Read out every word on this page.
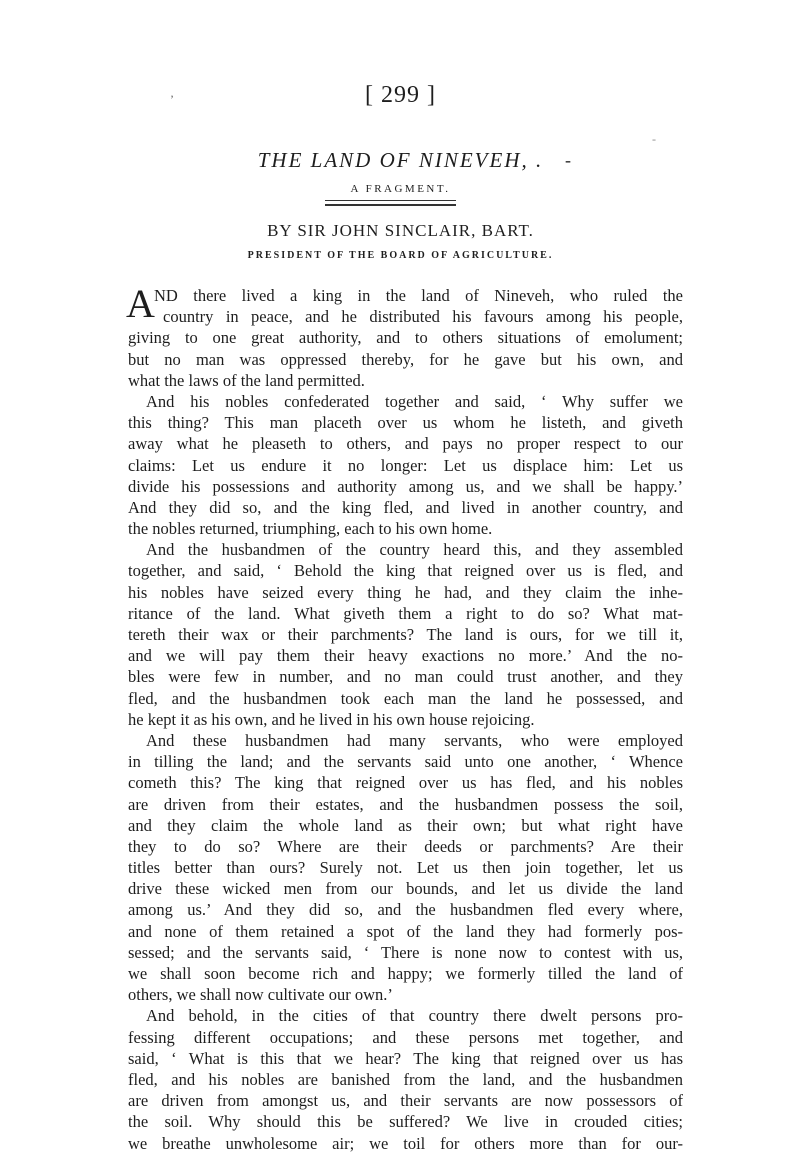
[ 299 ]
’
-
THE LAND OF NINEVEH, .	-
A FRAGMENT.
BY SIR JOHN SINCLAIR, BART.
PRESIDENT OF THE BOARD OF AGRICULTURE.
A ND there lived a king in the land of Nineveh, who ruled the
country in peace, and he distributed his favours among his people,
giving to one great authority, and to others situations of emolument;
but no man was oppressed thereby, for he gave but his own, and
what the laws of the land permitted.
And his nobles confederated together and said, ‘ Why suffer we
this thing? This man placeth over us whom he listeth, and giveth
away what he pleaseth to others, and pays no proper respect to our
claims: Let us endure it no longer: Let us displace him: Let us
divide his possessions and authority among us, and we shall be happy.’
And they did so, and the king fled, and lived in another country, and
the nobles returned, triumphing, each to his own home.
And the husbandmen of the country heard this, and they assembled
together, and said, ‘ Behold the king that reigned over us is fled, and
his nobles have seized every thing he had, and they claim the inhe-
ritance of the land. What giveth them a right to do so? What mat-
tereth their wax or their parchments? The land is ours, for we till it,
and we will pay them their heavy exactions no more.’ And the no-
bles were few in number, and no man could trust another, and they
fled, and the husbandmen took each man the land he possessed, and
he kept it as his own, and he lived in his own house rejoicing.
And these husbandmen had many servants, who were employed
in tilling the land; and the servants said unto one another, ‘ Whence
cometh this? The king that reigned over us has fled, and his nobles
are driven from their estates, and the husbandmen possess the soil,
and they claim the whole land as their own; but what right have
they to do so? Where are their deeds or parchments? Are their
titles better than ours? Surely not. Let us then join together, let us
drive these wicked men from our bounds, and let us divide the land
among us.’ And they did so, and the husbandmen fled every where,
and none of them retained a spot of the land they had formerly pos-
sessed; and the servants said, ‘ There is none now to contest with us,
we shall soon become rich and happy; we formerly tilled the land of
others, we shall now cultivate our own.’
And behold, in the cities of that country there dwelt persons pro-
fessing different occupations; and these persons met together, and
said, ‘ What is this that we hear? The king that reigned over us has
fled, and his nobles are banished from the land, and the husbandmen
are driven from amongst us, and their servants are now possessors of
the soil. Why should this be suffered? We live in crouded cities;
we breathe unwholesome air; we toil for others more than for our-
